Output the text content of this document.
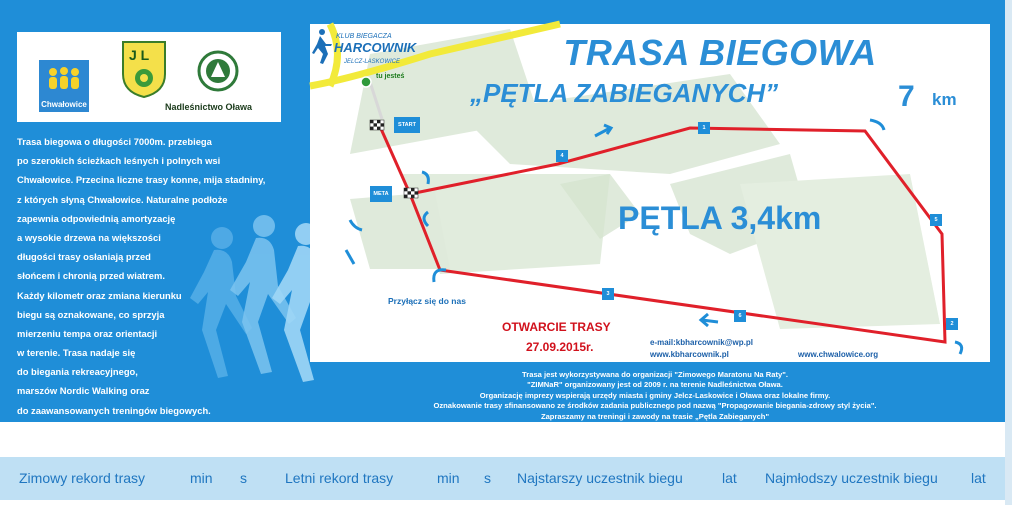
Chwałowice
J L
Nadleśnictwo Oława
Trasa biegowa o długości 7000m. przebiega
po szerokich ścieżkach leśnych i polnych wsi
Chwałowice. Przecina liczne trasy konne, mija stadniny,
z których słyną Chwałowice. Naturalne podłoże
zapewnia odpowiednią amortyzację
a wysokie drzewa na większości
długości trasy osłaniają przed
słońcem i chronią przed wiatrem.
Każdy kilometr oraz zmiana kierunku
biegu są oznakowane, co sprzyja
mierzeniu tempa oraz orientacji
w terenie. Trasa nadaje się
do biegania rekreacyjnego,
marszów Nordic Walking oraz
do zaawansowanych treningów biegowych.
TRASA BIEGOWA
„PĘTLA ZABIEGANYCH”	7 km
PĘTLA 3,4km
tu jesteś
START
META
1
2
3
4
5
6
Przyłącz się do nas
KLUB BIEGACZA
HARCOWNIK
JELCZ-LASKOWICE
OTWARCIE TRASY
27.09.2015r.	e-mail:kbharcownik@wp.pl
www.kbharcownik.pl	www.chwalowice.org
Trasa jest wykorzystywana do organizacji "Zimowego Maratonu Na Raty".
"ZIMNaR" organizowany jest od 2009 r. na terenie Nadleśnictwa Oława.
Organizację imprezy wspierają urzędy miasta i gminy Jelcz-Laskowice i Oława oraz lokalne firmy.
Oznakowanie trasy sfinansowano ze środków zadania publicznego pod nazwą "Propagowanie biegania-zdrowy styl życia".
Zapraszamy na treningi i zawody na trasie „Pętla Zabieganych"
Zimowy rekord trasy	min s	Letni rekord trasy	min s Najstarszy uczestnik biegu	lat Najmłodszy uczestnik biegu lat
